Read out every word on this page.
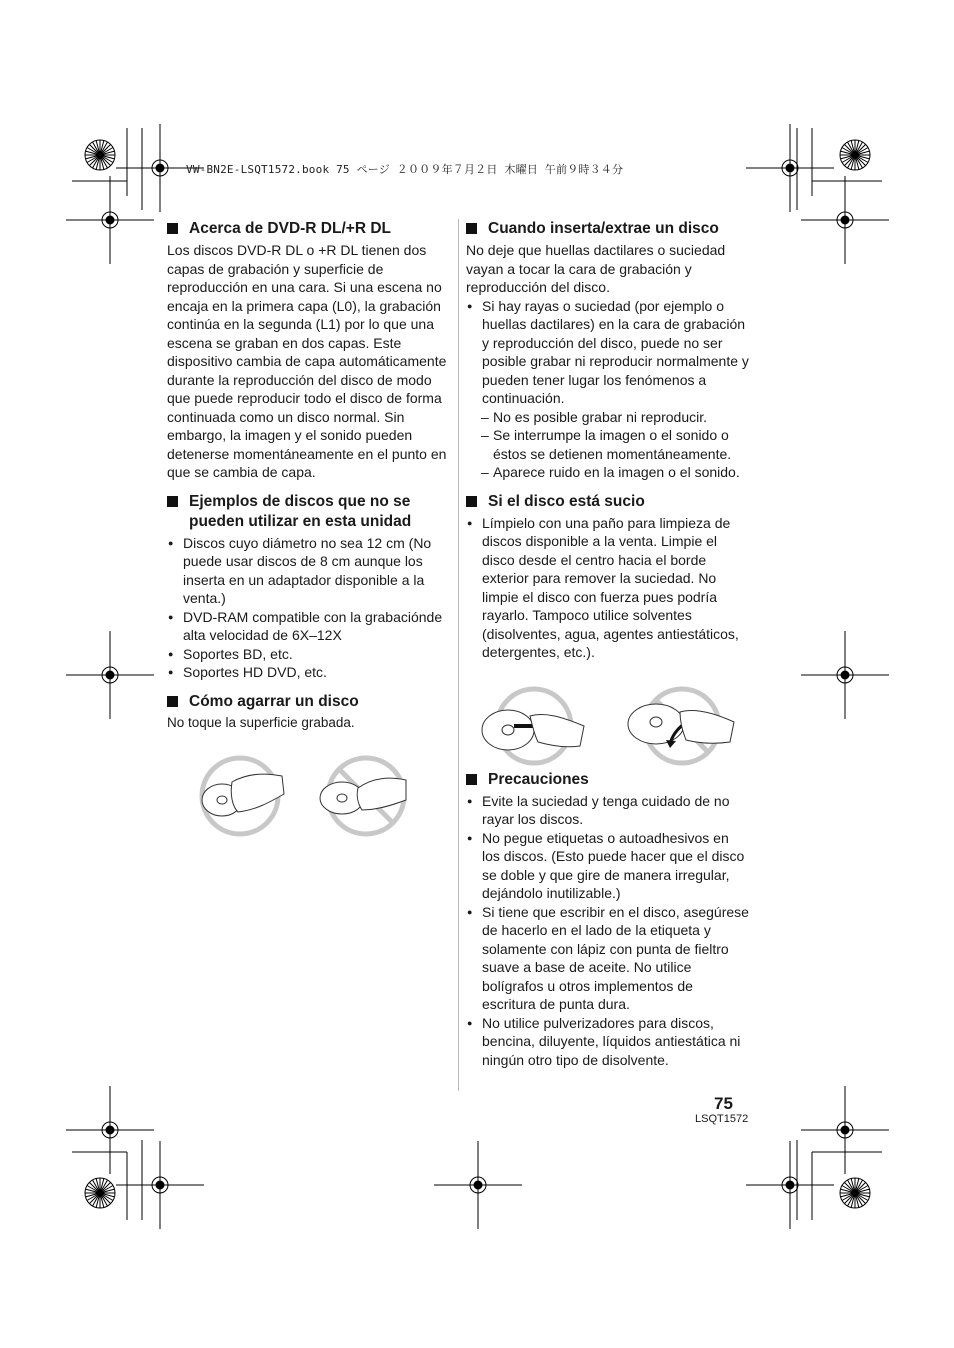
VW-BN2E-LSQT1572.book 75 ページ ２００９年７月２日 木曜日 午前９時３４分
Acerca de DVD-R DL/+R DL

Los discos DVD-R DL o +R DL tienen dos capas de grabación y superficie de reproducción en una cara. Si una escena no encaja en la primera capa (L0), la grabación continúa en la segunda (L1) por lo que una escena se graban en dos capas. Este dispositivo cambia de capa automáticamente durante la reproducción del disco de modo que puede reproducir todo el disco de forma continuada como un disco normal. Sin embargo, la imagen y el sonido pueden detenerse momentáneamente en el punto en que se cambia de capa.

Ejemplos de discos que no se pueden utilizar en esta unidad
● Discos cuyo diámetro no sea 12 cm (No puede usar discos de 8 cm aunque los inserta en un adaptador disponible a la venta.)
● DVD-RAM compatible con la grabaciónde alta velocidad de 6X–12X
● Soportes BD, etc.
● Soportes HD DVD, etc.
Cómo agarrar un disco

No toque la superficie grabada.

Cuando inserta/extrae un disco

No deje que huellas dactilares o suciedad vayan a tocar la cara de grabación y reproducción del disco.

● Si hay rayas o suciedad (por ejemplo o huellas dactilares) en la cara de grabación y reproducción del disco, puede no ser posible grabar ni reproducir normalmente y pueden tener lugar los fenómenos a continuación.
– No es posible grabar ni reproducir.
– Se interrumpe la imagen o el sonido o éstos se detienen momentáneamente.
– Aparece ruido en la imagen o el sonido.
Si el disco está sucio
● Límpielo con una paño para limpieza de discos disponible a la venta. Limpie el disco desde el centro hacia el borde exterior para remover la suciedad. No limpie el disco con fuerza pues podría rayarlo. Tampoco utilice solventes (disolventes, agua, agentes antiestáticos, detergentes, etc.).
Precauciones
● Evite la suciedad y tenga cuidado de no rayar los discos.
● No pegue etiquetas o autoadhesivos en los discos. (Esto puede hacer que el disco se doble y que gire de manera irregular, dejándolo inutilizable.)
● Si tiene que escribir en el disco, asegúrese de hacerlo en el lado de la etiqueta y solamente con lápiz con punta de fieltro suave a base de aceite. No utilice bolígrafos u otros implementos de escritura de punta dura.
● No utilice pulverizadores para discos, bencina, diluyente, líquidos antiestática ni ningún otro tipo de disolvente.
75
LSQT1572
